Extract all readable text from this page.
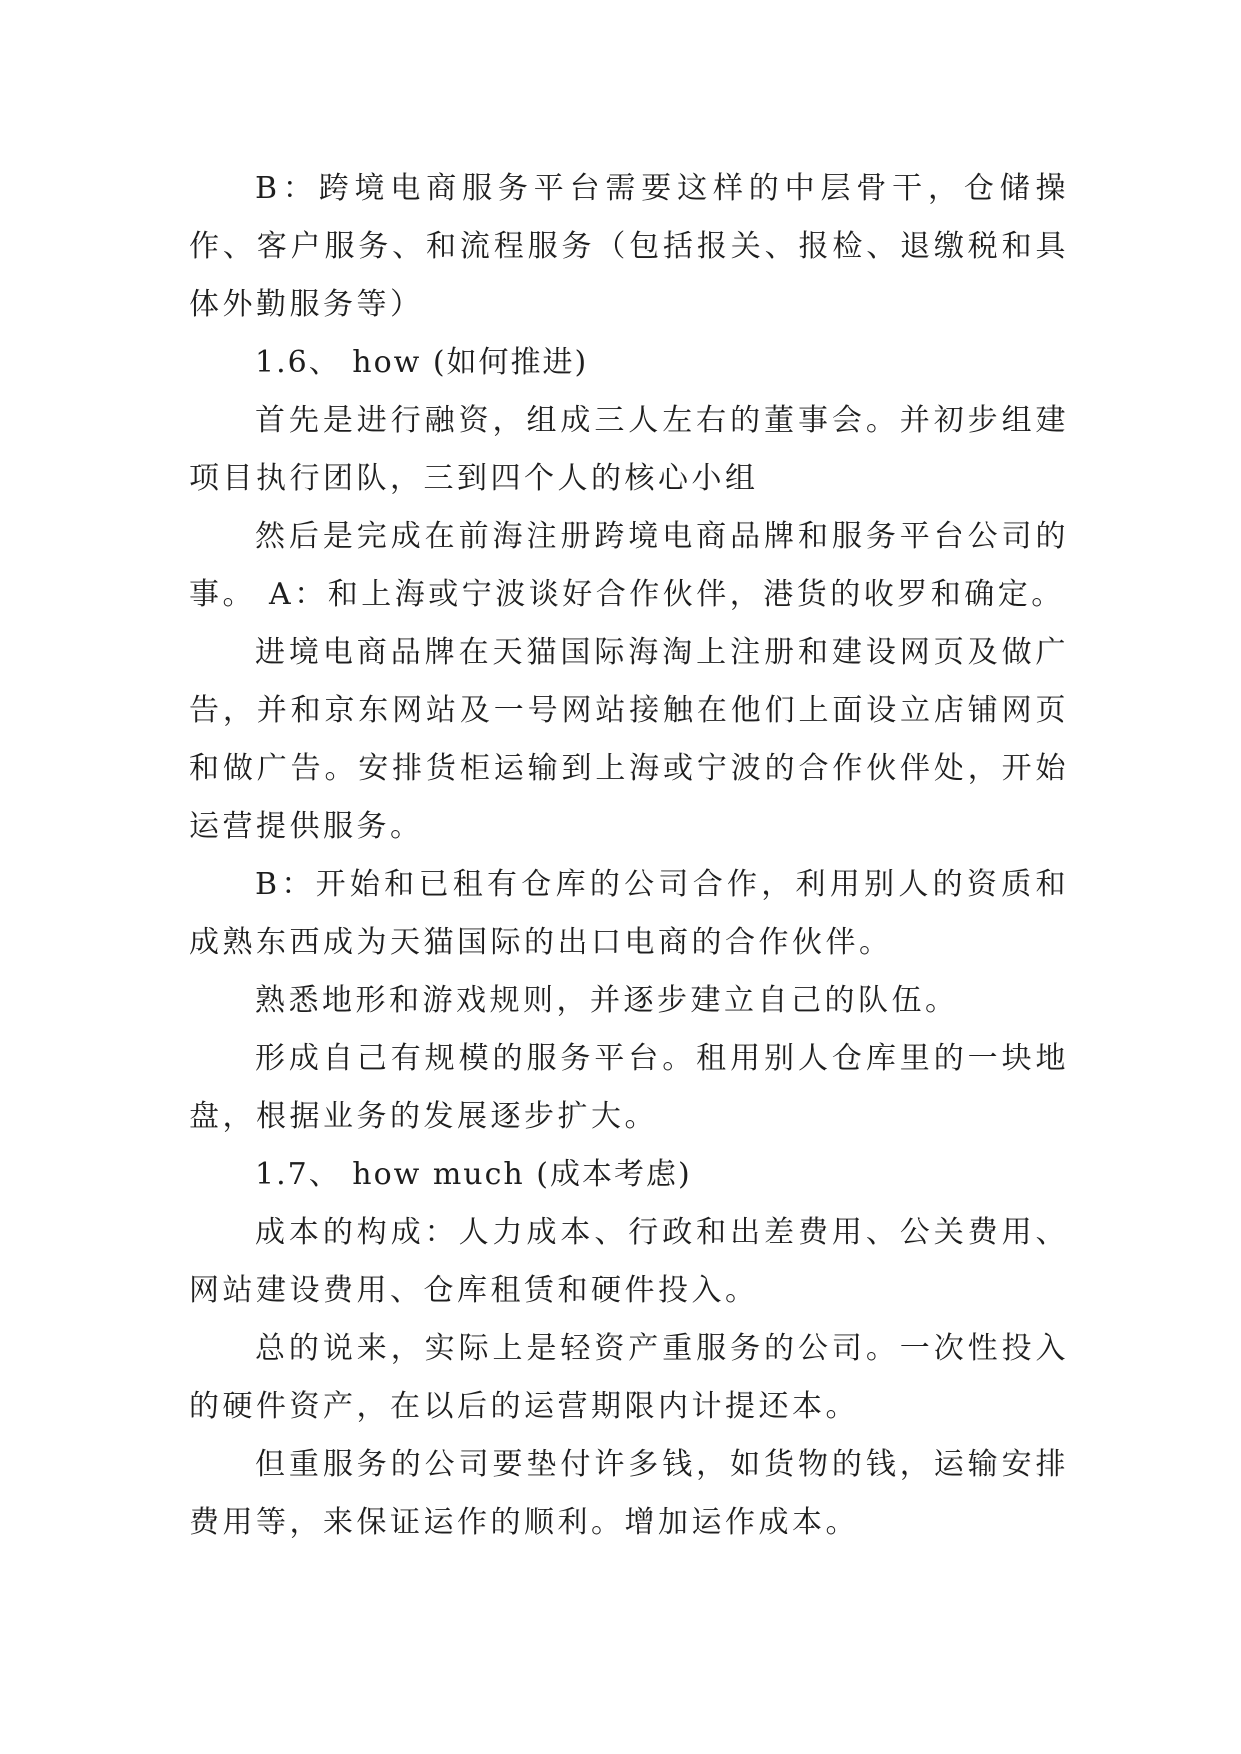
B：跨境电商服务平台需要这样的中层骨干，仓储操作、客户服务、和流程服务（包括报关、报检、退缴税和具体外勤服务等）

1.6、 how (如何推进)

首先是进行融资，组成三人左右的董事会。并初步组建项目执行团队，三到四个人的核心小组

然后是完成在前海注册跨境电商品牌和服务平台公司的事。 A：和上海或宁波谈好合作伙伴，港货的收罗和确定。

进境电商品牌在天猫国际海淘上注册和建设网页及做广告，并和京东网站及一号网站接触在他们上面设立店铺网页和做广告。安排货柜运输到上海或宁波的合作伙伴处，开始运营提供服务。

B：开始和已租有仓库的公司合作，利用别人的资质和成熟东西成为天猫国际的出口电商的合作伙伴。

熟悉地形和游戏规则，并逐步建立自己的队伍。

形成自己有规模的服务平台。租用别人仓库里的一块地盘，根据业务的发展逐步扩大。

1.7、 how much (成本考虑)

成本的构成：人力成本、行政和出差费用、公关费用、网站建设费用、仓库租赁和硬件投入。

总的说来，实际上是轻资产重服务的公司。一次性投入的硬件资产，在以后的运营期限内计提还本。

但重服务的公司要垫付许多钱，如货物的钱，运输安排费用等，来保证运作的顺利。增加运作成本。
